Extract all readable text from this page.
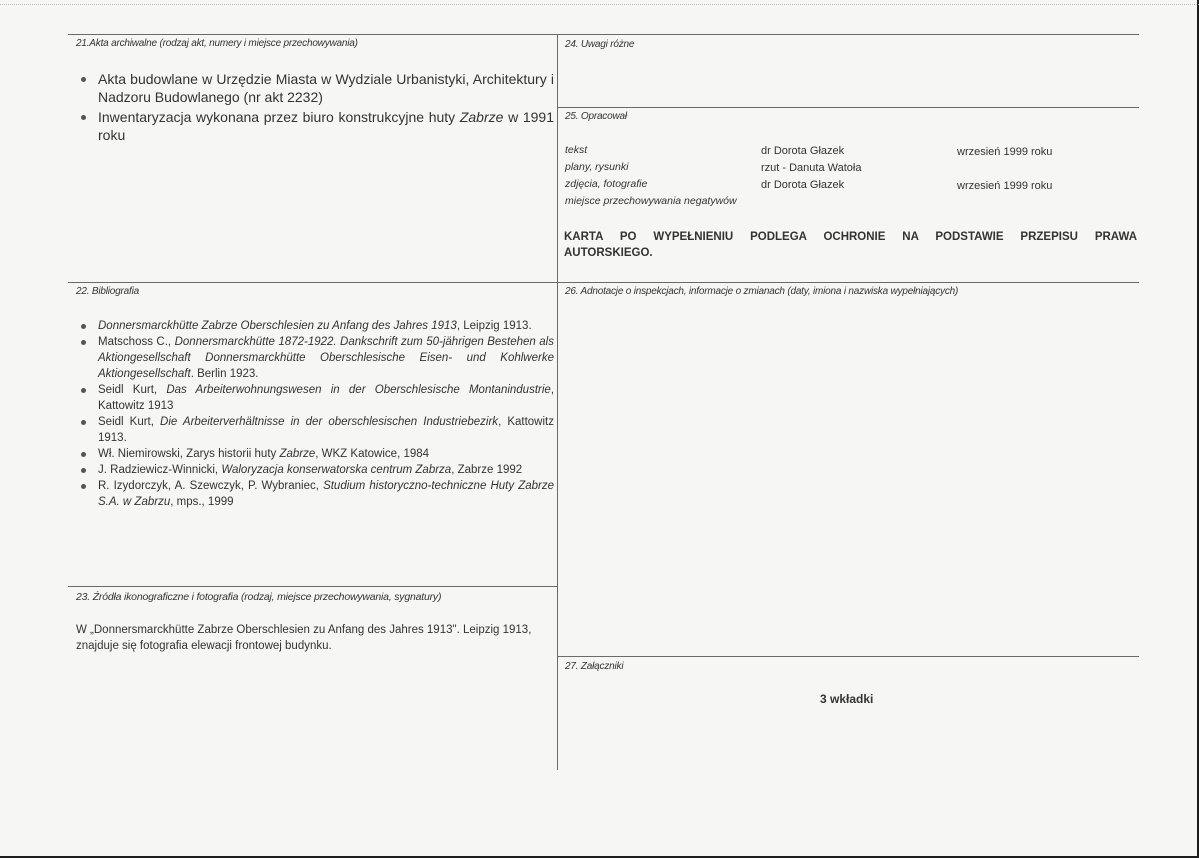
21.Akta archiwalne (rodzaj akt, numery i miejsce przechowywania)
Akta budowlane w Urzędzie Miasta w Wydziale Urbanistyki, Architektury i Nadzoru Budowlanego (nr akt 2232)
Inwentaryzacja wykonana przez biuro konstrukcyjne huty Zabrze w 1991 roku
22. Bibliografia
Donnersmarckhütte Zabrze Oberschlesien zu Anfang des Jahres 1913, Leipzig 1913.
Matschoss C., Donnersmarckhütte 1872-1922. Dankschrift zum 50-jährigen Bestehen als Aktiongesellschaft Donnersmarckhütte Oberschlesische Eisen- und Kohlwerke Aktiongesellschaft. Berlin 1923.
Seidl Kurt, Das Arbeiterwohnungswesen in der Oberschlesische Montanindustrie, Kattowitz 1913
Seidl Kurt, Die Arbeiterverhältnisse in der oberschlesischen Industriebezirk, Kattowitz 1913.
Wł. Niemirowski, Zarys historii huty Zabrze, WKZ Katowice, 1984
J. Radziewicz-Winnicki, Waloryzacja konserwatorska centrum Zabrza, Zabrze 1992
R. Izydorczyk, A. Szewczyk, P. Wybraniec, Studium historyczno-techniczne Huty Zabrze S.A. w Zabrzu, mps., 1999
23. Źródła ikonograficzne i fotografia (rodzaj, miejsce przechowywania, sygnatury)
W „Donnersmarckhütte Zabrze Oberschlesien zu Anfang des Jahres 1913". Leipzig 1913,
znajduje się fotografia elewacji frontowej budynku.
24. Uwagi różne
25. Opracował
tekst	dr Dorota Głazek	wrzesień 1999 roku
plany, rysunki	rzut - Danuta Watoła
zdjęcia, fotografie	dr Dorota Głazek	wrzesień 1999 roku
miejsce przechowywania negatywów
KARTA PO WYPEŁNIENIU PODLEGA OCHRONIE NA PODSTAWIE PRZEPISU PRAWA
AUTORSKIEGO.
26. Adnotacje o inspekcjach, informacje o zmianach (daty, imiona i nazwiska wypełniających)
27. Załączniki
3 wkładki
